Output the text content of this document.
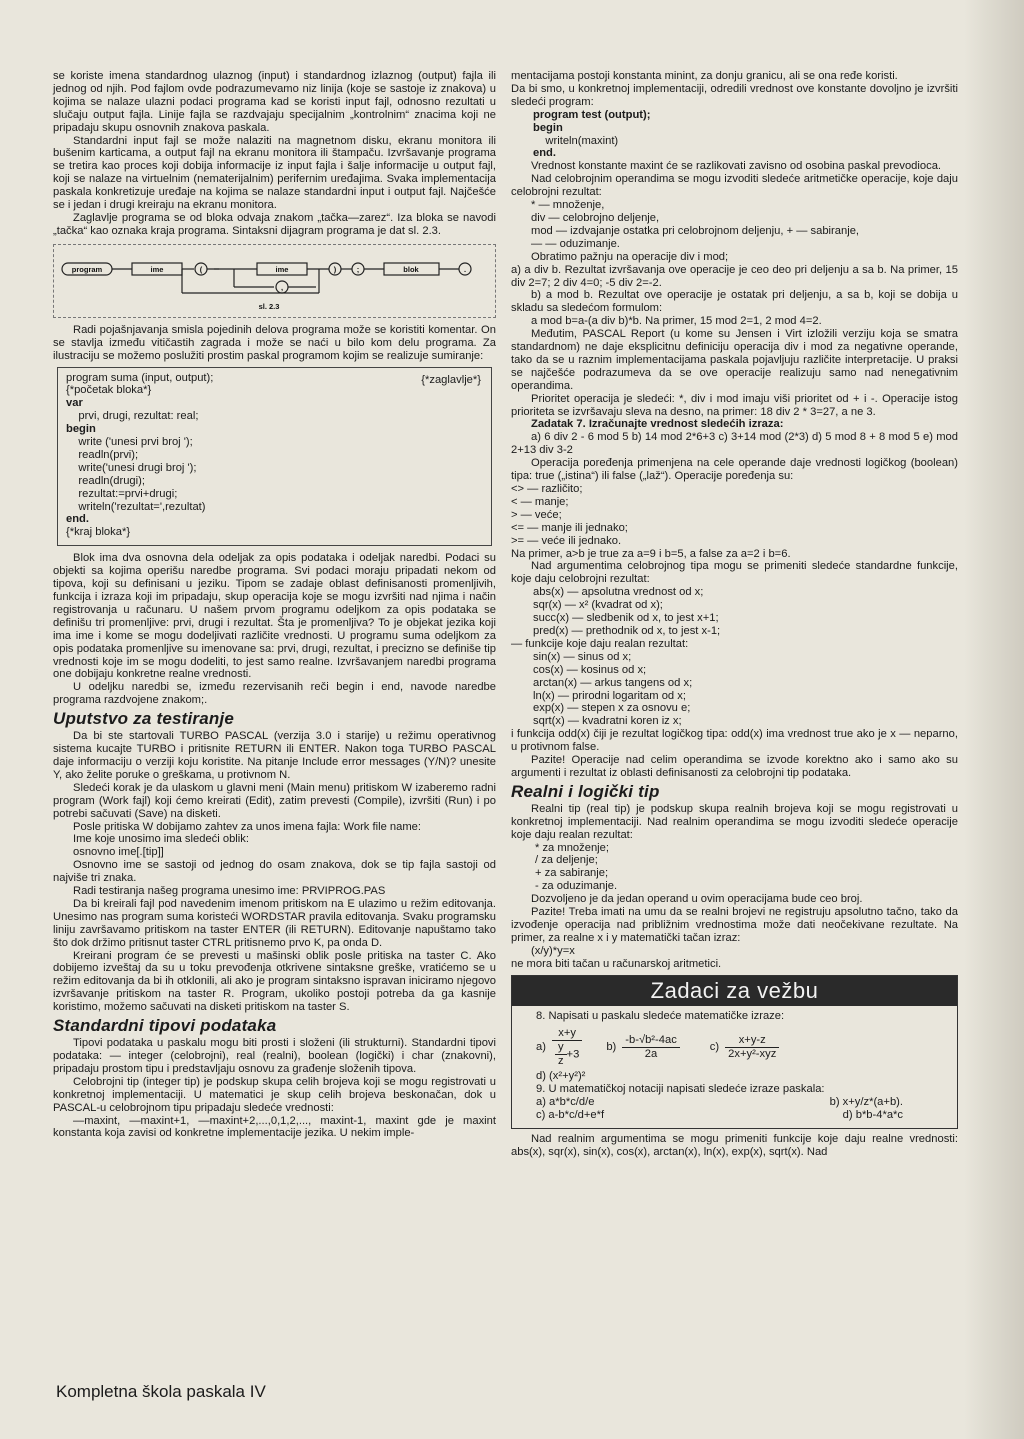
se koriste imena standardnog ulaznog (input) i standardnog izlaznog (output) fajla ili jednog od njih. Pod fajlom ovde podrazumevamo niz linija (koje se sastoje iz znakova) u kojima se nalaze ulazni podaci programa kad se koristi input fajl, odnosno rezultati u slučaju output fajla. Linije fajla se razdvajaju specijalnim „kontrolnim“ znacima koji ne pripadaju skupu osnovnih znakova paskala.

Standardni input fajl se može nalaziti na magnetnom disku, ekranu monitora ili bušenim karticama, a output fajl na ekranu monitora ili štampaču. Izvršavanje programa se tretira kao proces koji dobija informacije iz input fajla i šalje informacije u output fajl, koji se nalaze na virtuelnim (nematerijalnim) perifernim uređajima. Svaka implementacija paskala konkretizuje uređaje na kojima se nalaze standardni input i output fajl. Najčešće se i jedan i drugi kreiraju na ekranu monitora.

Zaglavlje programa se od bloka odvaja znakom „tačka—zarez“. Iza bloka se navodi „tačka“ kao oznaka kraja programa. Sintaksni dijagram programa je dat sl. 2.3.

program	ime	(	ime	)	;	blok	.
,
sl. 2.3

Radi pojašnjavanja smisla pojedinih delova programa može se koristiti komentar. On se stavlja između vitičastih zagrada i može se naći u bilo kom delu programa. Za ilustraciju se možemo poslužiti prostim paskal programom kojim se realizuje sumiranje:

{*zaglavlje*}
program suma (input, output);
{*početak bloka*}
var
prvi, drugi, rezultat: real;
begin
write ('unesi prvi broj ');
readln(prvi);
write('unesi drugi broj ');
readln(drugi);
rezultat:=prvi+drugi;
writeln('rezultat=',rezultat)
end.
{*kraj bloka*}

Blok ima dva osnovna dela odeljak za opis podataka i odeljak naredbi. Podaci su objekti sa kojima operišu naredbe programa. Svi podaci moraju pripadati nekom od tipova, koji su definisani u jeziku. Tipom se zadaje oblast definisanosti promenljivih, funkcija i izraza koji im pripadaju, skup operacija koje se mogu izvršiti nad njima i način registrovanja u računaru. U našem prvom programu odeljkom za opis podataka se definišu tri promenljive: prvi, drugi i rezultat. Šta je promenljiva? To je objekat jezika koji ima ime i kome se mogu dodeljivati različite vrednosti. U programu suma odeljkom za opis podataka promenljive su imenovane sa: prvi, drugi, rezultat, i precizno se definiše tip vrednosti koje im se mogu dodeliti, to jest samo realne. Izvršavanjem naredbi programa one dobijaju konkretne realne vrednosti.

U odeljku naredbi se, između rezervisanih reči begin i end, navode naredbe programa razdvojene znakom;.

Uputstvo za testiranje

Da bi ste startovali TURBO PASCAL (verzija 3.0 i starije) u režimu operativnog sistema kucajte TURBO i pritisnite RETURN ili ENTER. Nakon toga TURBO PASCAL daje informaciju o verziji koju koristite. Na pitanje Include error messages (Y/N)? unesite Y, ako želite poruke o greškama, u protivnom N.

Sledeći korak je da ulaskom u glavni meni (Main menu) pritiskom W izaberemo radni program (Work fajl) koji ćemo kreirati (Edit), zatim prevesti (Compile), izvršiti (Run) i po potrebi sačuvati (Save) na disketi.

Posle pritiska W dobijamo zahtev za unos imena fajla: Work file name:

Ime koje unosimo ima sledeći oblik:

osnovno ime[.[tip]]

Osnovno ime se sastoji od jednog do osam znakova, dok se tip fajla sastoji od najviše tri znaka.

Radi testiranja našeg programa unesimo ime: PRVIPROG.PAS

Da bi kreirali fajl pod navedenim imenom pritiskom na E ulazimo u režim editovanja. Unesimo nas program suma koristeći WORDSTAR pravila editovanja. Svaku programsku liniju završavamo pritiskom na taster ENTER (ili RETURN). Editovanje napuštamo tako što dok držimo pritisnut taster CTRL pritisnemo prvo K, pa onda D.

Kreirani program će se prevesti u mašinski oblik posle pritiska na taster C. Ako dobijemo izveštaj da su u toku prevođenja otkrivene sintaksne greške, vratićemo se u režim editovanja da bi ih otklonili, ali ako je program sintaksno ispravan iniciramo njegovo izvršavanje pritiskom na taster R. Program, ukoliko postoji potreba da ga kasnije koristimo, možemo sačuvati na disketi pritiskom na taster S.

Standardni tipovi podataka

Tipovi podataka u paskalu mogu biti prosti i složeni (ili strukturni). Standardni tipovi podataka: — integer (celobrojni), real (realni), boolean (logički) i char (znakovni), pripadaju prostom tipu i predstavljaju osnovu za građenje složenih tipova.

Celobrojni tip (integer tip) je podskup skupa celih brojeva koji se mogu registrovati u konkretnoj implementaciji. U matematici je skup celih brojeva beskonačan, dok u PASCAL-u celobrojnom tipu pripadaju sledeće vrednosti:

—maxint, —maxint+1, —maxint+2,...,0,1,2,..., maxint-1, maxint gde je maxint konstanta koja zavisi od konkretne implementacije jezika. U nekim imple-

mentacijama postoji konstanta minint, za donju granicu, ali se ona ređe koristi.

Da bi smo, u konkretnoj implementaciji, odredili vrednost ove konstante dovoljno je izvršiti sledeći program:

program test (output);
begin
writeln(maxint)
end.

Vrednost konstante maxint će se razlikovati zavisno od osobina paskal prevodioca.

Nad celobrojnim operandima se mogu izvoditi sledeće aritmetičke operacije, koje daju celobrojni rezultat:

* — množenje,
div — celobrojno deljenje,
mod — izdvajanje ostatka pri celobrojnom deljenju, + — sabiranje,
— — oduzimanje.

Obratimo pažnju na operacije div i mod;

a) a div b. Rezultat izvršavanja ove operacije je ceo deo pri deljenju a sa b. Na primer, 15 div 2=7; 2 div 4=0; -5 div 2=-2.

b) a mod b. Rezultat ove operacije je ostatak pri deljenju, a sa b, koji se dobija u skladu sa sledećom formulom:

a mod b=a-(a div b)*b. Na primer, 15 mod 2=1, 2 mod 4=2.

Međutim, PASCAL Report (u kome su Jensen i Virt izložili verziju koja se smatra standardnom) ne daje eksplicitnu definiciju operacija div i mod za negativne operande, tako da se u raznim implementacijama paskala pojavljuju različite interpretacije. U praksi se najčešće podrazumeva da se ove operacije realizuju samo nad nenegativnim operandima.

Prioritet operacija je sledeći: *, div i mod imaju viši prioritet od + i -. Operacije istog prioriteta se izvršavaju sleva na desno, na primer: 18 div 2 * 3=27, a ne 3.

Zadatak 7. Izračunajte vrednost sledećih izraza:

a) 6 div 2 - 6 mod 5 b) 14 mod 2*6+3 c) 3+14 mod (2*3) d) 5 mod 8 + 8 mod 5 e) mod 2+13 div 3-2

Operacija poređenja primenjena na cele operande daje vrednosti logičkog (boolean) tipa: true („istina“) ili false („laž“). Operacije poređenja su:

<> — različito;
< — manje;
> — veće;
<= — manje ili jednako;
>= — veće ili jednako.

Na primer, a>b je true za a=9 i b=5, a false za a=2 i b=6.

Nad argumentima celobrojnog tipa mogu se primeniti sledeće standardne funkcije, koje daju celobrojni rezultat:

abs(x) — apsolutna vrednost od x;
sqr(x) — x² (kvadrat od x);
succ(x) — sledbenik od x, to jest x+1;
pred(x) — prethodnik od x, to jest x-1;

— funkcije koje daju realan rezultat:

sin(x) — sinus od x;
cos(x) — kosinus od x;
arctan(x) — arkus tangens od x;
ln(x) — prirodni logaritam od x;
exp(x) — stepen x za osnovu e;
sqrt(x) — kvadratni koren iz x;

i funkcija odd(x) čiji je rezultat logičkog tipa: odd(x) ima vrednost true ako je x — neparno, u protivnom false.

Pazite! Operacije nad celim operandima se izvode korektno ako i samo ako su argumenti i rezultat iz oblasti definisanosti za celobrojni tip podataka.

Realni i logički tip

Realni tip (real tip) je podskup skupa realnih brojeva koji se mogu registrovati u konkretnoj implementaciji. Nad realnim operandima se mogu izvoditi sledeće operacije koje daju realan rezultat:

* za množenje;
/ za deljenje;
+ za sabiranje;
- za oduzimanje.

Dozvoljeno je da jedan operand u ovim operacijama bude ceo broj.

Pazite! Treba imati na umu da se realni brojevi ne registruju apsolutno tačno, tako da izvođenje operacija nad približnim vrednostima može dati neočekivane rezultate. Na primer, za realne x i y matematički tačan izraz:

(x/y)*y=x

ne mora biti tačan u računarskoj aritmetici.

Zadaci za vežbu
8. Napisati u paskalu sledeće matematičke izraze:
$a) \frac{x+y}{\frac{y}{z} +3} b) \frac{\text{-b-√b²-4ac}}{2a}$	$c) \frac{x+y-z}{\text{2x+y²-xyz}}$
d) (x²+y²)²
9. U matematičkoj notaciji napisati sledeće izraze paskala:
a) a*b*c/d/e	b) x+y/z*(a+b).
c) a-b*c/d+e*f	d) b*b-4*a*c

Nad realnim argumentima se mogu primeniti funkcije koje daju realne vrednosti: abs(x), sqr(x), sin(x), cos(x), arctan(x), ln(x), exp(x), sqrt(x). Nad

Kompletna škola paskala IV
